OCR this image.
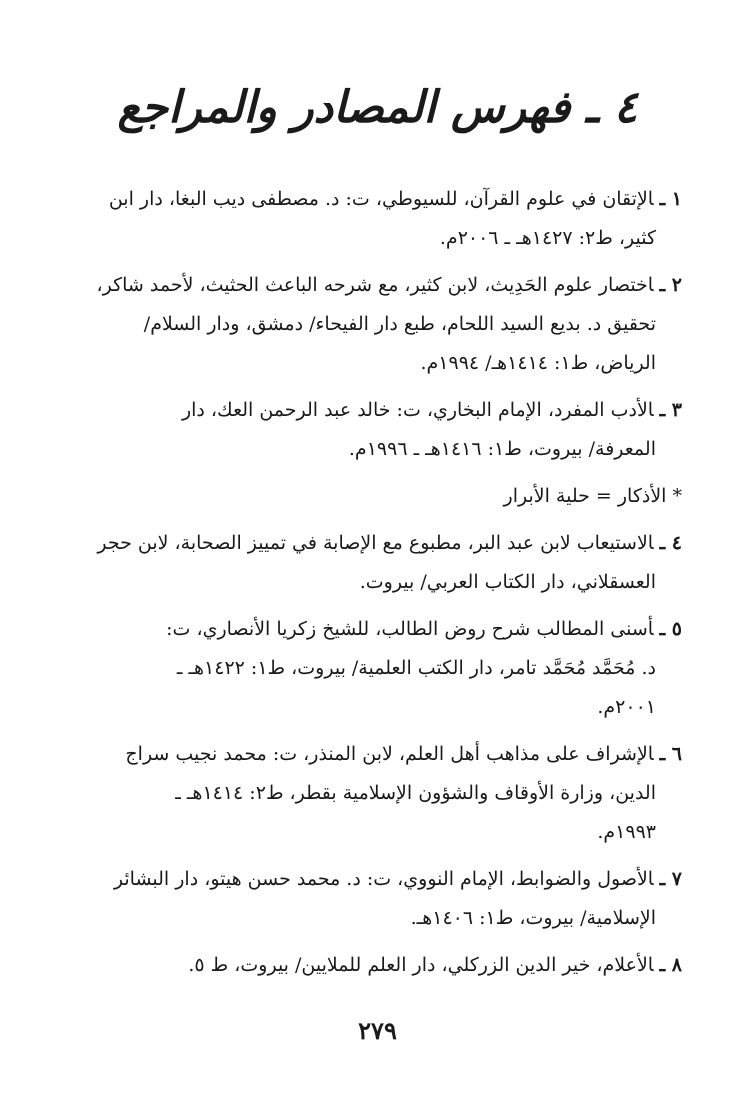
٤ ـ فهرس المصادر والمراجع
١ ـالإتقان في علوم القرآن، للسيوطي، ت: د. مصطفى ديب البغا، دار ابن
كثير، ط٢: ١٤٢٧هـ ـ ٢٠٠٦م.
٢ ـاختصار علوم الحَدِيث، لابن كثير، مع شرحه الباعث الحثيث، لأحمد شاكر،
تحقيق د. بديع السيد اللحام، طبع دار الفيحاء/ دمشق، ودار السلام/
الرياض، ط١: ١٤١٤هـ/ ١٩٩٤م.
٣ ـالأدب المفرد، الإمام البخاري، ت: خالد عبد الرحمن العك، دار
المعرفة/ بيروت، ط١: ١٤١٦هـ ـ ١٩٩٦م.
* الأذكار = حلية الأبرار
٤ ـالاستيعاب لابن عبد البر، مطبوع مع الإصابة في تمييز الصحابة، لابن حجر
العسقلاني، دار الكتاب العربي/ بيروت.
٥ ـأسنى المطالب شرح روض الطالب، للشيخ زكريا الأنصاري، ت:
د. مُحَمَّد مُحَمَّد تامر، دار الكتب العلمية/ بيروت، ط١: ١٤٢٢هـ ـ
٢٠٠١م.
٦ ـالإشراف على مذاهب أهل العلم، لابن المنذر، ت: محمد نجيب سراج
الدين، وزارة الأوقاف والشؤون الإسلامية بقطر، ط٢: ١٤١٤هـ ـ
١٩٩٣م.
٧ ـالأصول والضوابط، الإمام النووي، ت: د. محمد حسن هيتو، دار البشائر
الإسلامية/ بيروت، ط١: ١٤٠٦هـ.
٨ ـالأعلام، خير الدين الزركلي، دار العلم للملايين/ بيروت، ط ٥.
٢٧٩
